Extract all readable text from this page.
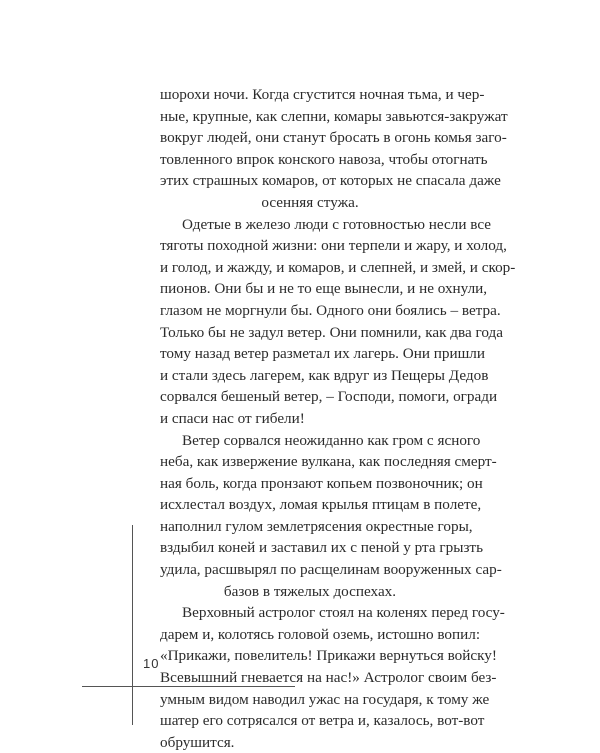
шорохи ночи. Когда сгустится ночная тьма, и чер-
ные, крупные, как слепни, комары завьются-закружат
вокруг людей, они станут бросать в огонь комья заго-
товленного впрок конского навоза, чтобы отогнать
этих страшных комаров, от которых не спасала даже
осенняя стужа.
Одетые в железо люди с готовностью несли все
тяготы походной жизни: они терпели и жару, и холод,
и голод, и жажду, и комаров, и слепней, и змей, и скор-
пионов. Они бы и не то еще вынесли, и не охнули,
глазом не моргнули бы. Одного они боялись – ветра.
Только бы не задул ветер. Они помнили, как два года
тому назад ветер разметал их лагерь. Они пришли
и стали здесь лагерем, как вдруг из Пещеры Дедов
сорвался бешеный ветер, – Господи, помоги, огради
и спаси нас от гибели!
Ветер сорвался неожиданно как гром с ясного
неба, как извержение вулкана, как последняя смерт-
ная боль, когда пронзают копьем позвоночник; он
исхлестал воздух, ломая крылья птицам в полете,
наполнил гулом землетрясения окрестные горы,
вздыбил коней и заставил их с пеной у рта грызть
удила, расшвырял по расщелинам вооруженных сар-
базов в тяжелых доспехах.
Верховный астролог стоял на коленях перед госу-
дарем и, колотясь головой оземь, истошно вопил:
«Прикажи, повелитель! Прикажи вернуться войску!
Всевышний гневается на нас!» Астролог своим без-
умным видом наводил ужас на государя, к тому же
шатер его сотрясался от ветра и, казалось, вот-вот
обрушится.
10
